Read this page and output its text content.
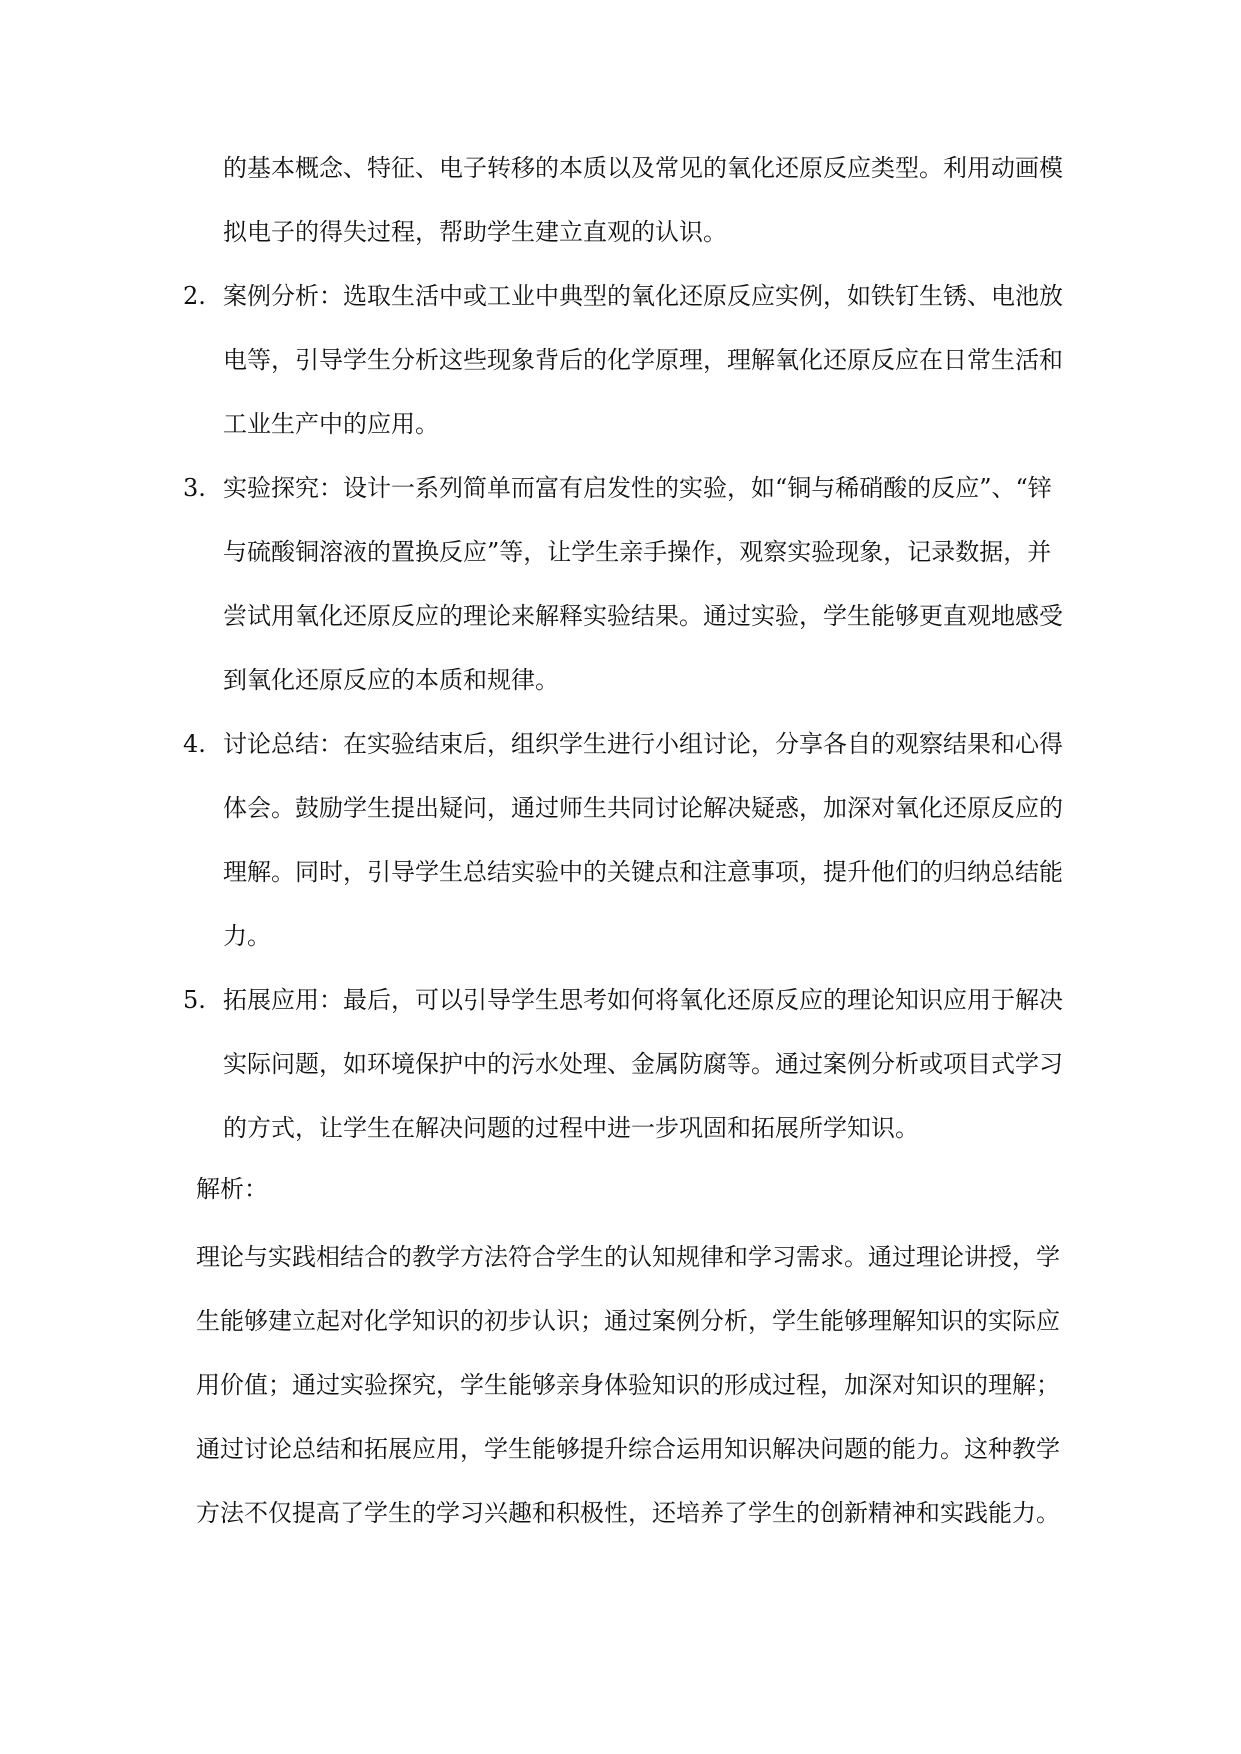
的基本概念、特征、电子转移的本质以及常见的氧化还原反应类型。利用动画模
拟电子的得失过程，帮助学生建立直观的认识。
2. 案例分析：选取生活中或工业中典型的氧化还原反应实例，如铁钉生锈、电池放
电等，引导学生分析这些现象背后的化学原理，理解氧化还原反应在日常生活和
工业生产中的应用。
3. 实验探究：设计一系列简单而富有启发性的实验，如“铜与稀硝酸的反应”、“锌
与硫酸铜溶液的置换反应”等，让学生亲手操作，观察实验现象，记录数据，并
尝试用氧化还原反应的理论来解释实验结果。通过实验，学生能够更直观地感受
到氧化还原反应的本质和规律。
4. 讨论总结：在实验结束后，组织学生进行小组讨论，分享各自的观察结果和心得
体会。鼓励学生提出疑问，通过师生共同讨论解决疑惑，加深对氧化还原反应的
理解。同时，引导学生总结实验中的关键点和注意事项，提升他们的归纳总结能
力。
5. 拓展应用：最后，可以引导学生思考如何将氧化还原反应的理论知识应用于解决
实际问题，如环境保护中的污水处理、金属防腐等。通过案例分析或项目式学习
的方式，让学生在解决问题的过程中进一步巩固和拓展所学知识。
解析：
理论与实践相结合的教学方法符合学生的认知规律和学习需求。通过理论讲授，学
生能够建立起对化学知识的初步认识；通过案例分析，学生能够理解知识的实际应
用价值；通过实验探究，学生能够亲身体验知识的形成过程，加深对知识的理解；
通过讨论总结和拓展应用，学生能够提升综合运用知识解决问题的能力。这种教学
方法不仅提高了学生的学习兴趣和积极性，还培养了学生的创新精神和实践能力。
